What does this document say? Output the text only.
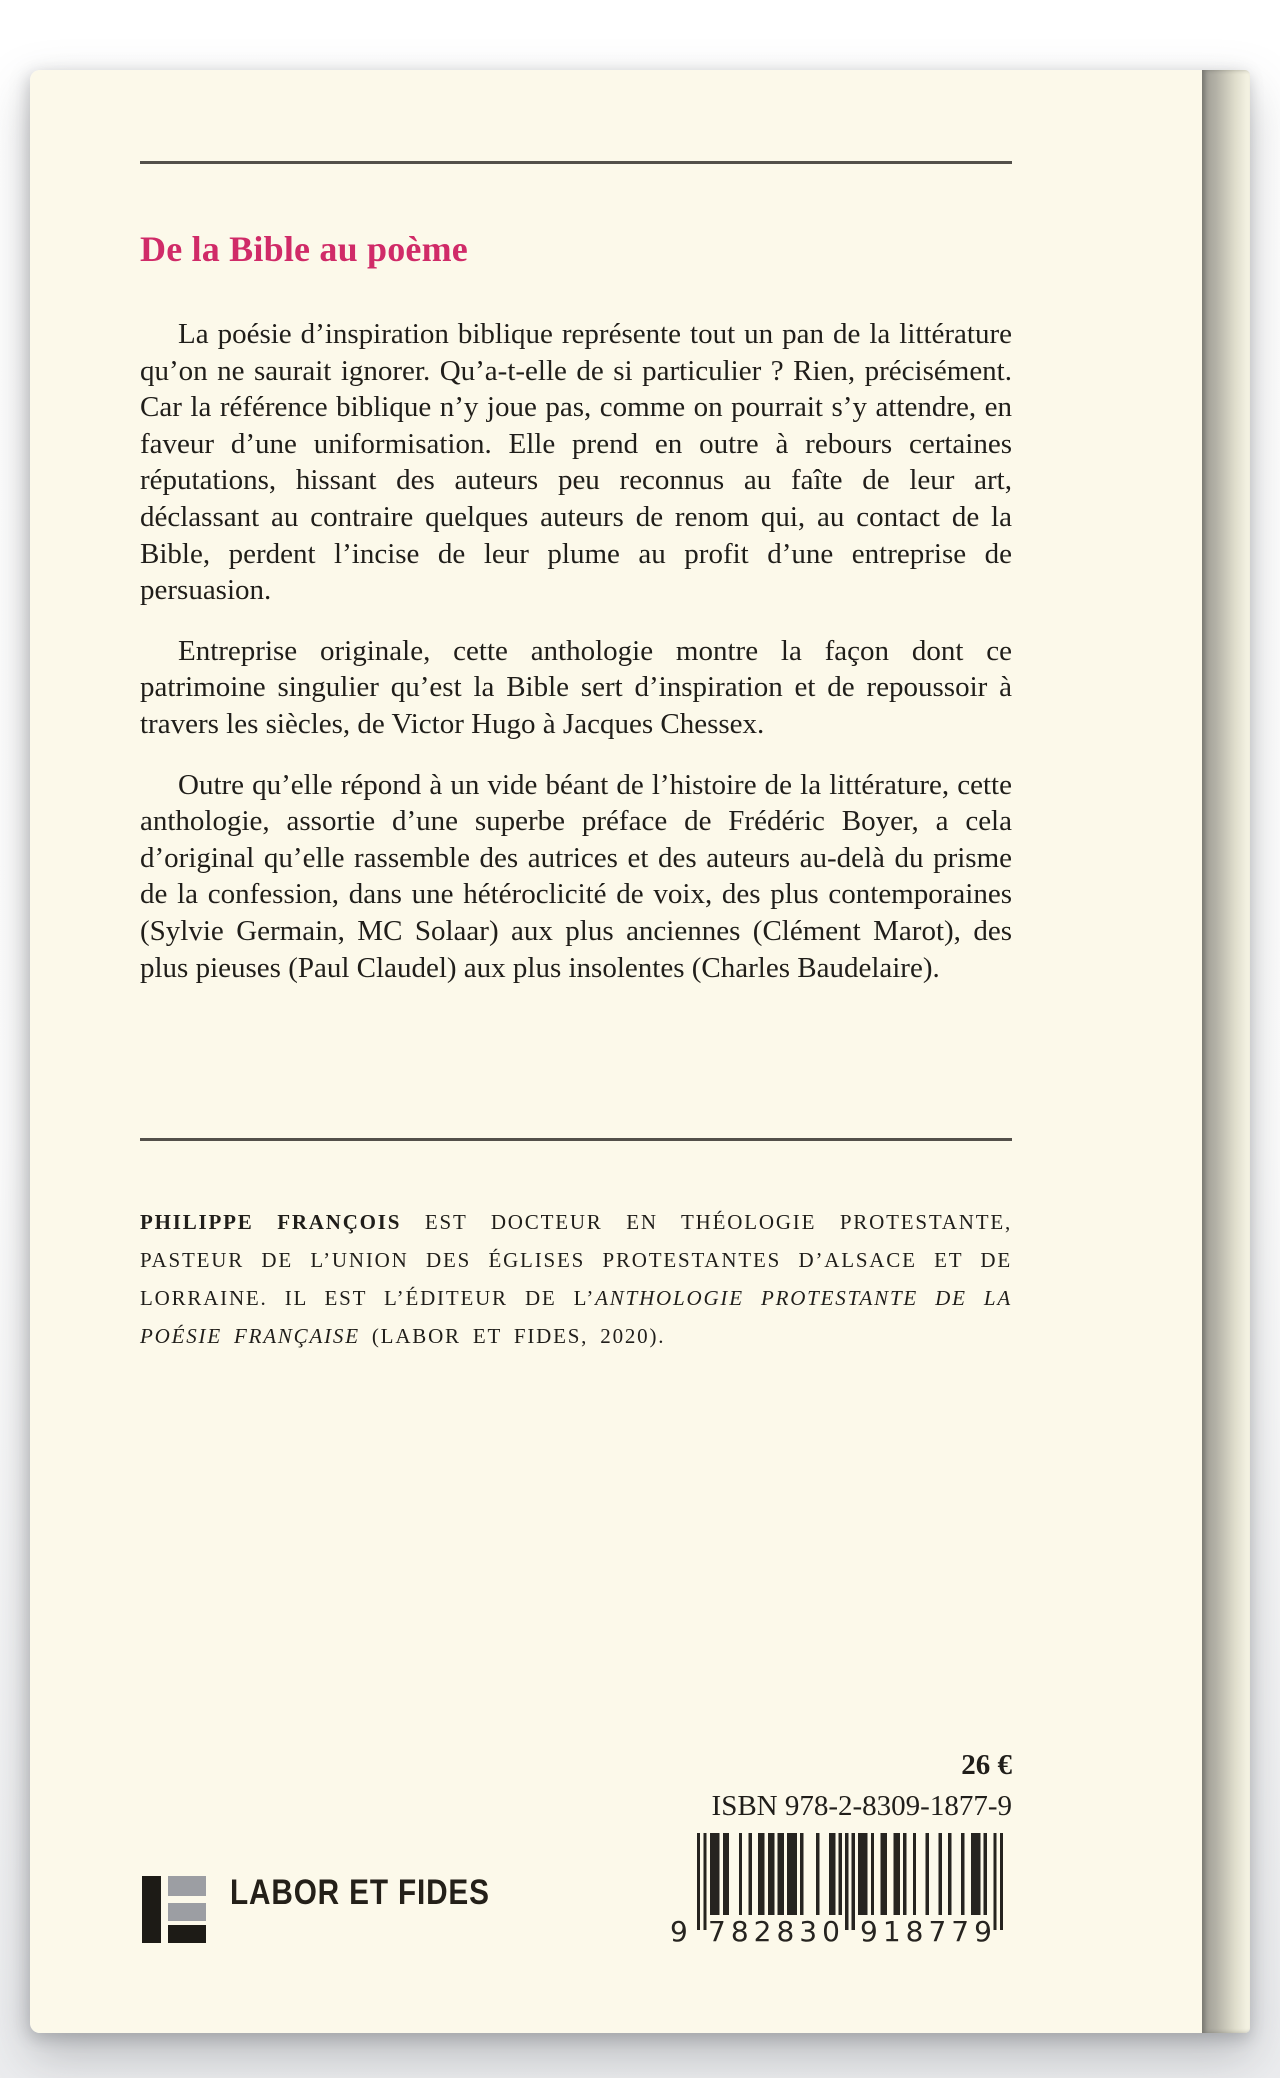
De la Bible au poème

La poésie d’inspiration biblique représente tout un pan de la littérature qu’on ne saurait ignorer. Qu’a-t-elle de si particulier ? Rien, précisément. Car la référence biblique n’y joue pas, comme on pourrait s’y attendre, en faveur d’une uniformisation. Elle prend en outre à rebours certaines réputations, hissant des auteurs peu reconnus au faîte de leur art, déclassant au contraire quelques auteurs de renom qui, au contact de la Bible, perdent l’incise de leur plume au profit d’une entreprise de persuasion.

Entreprise originale, cette anthologie montre la façon dont ce patrimoine singulier qu’est la Bible sert d’inspiration et de repoussoir à travers les siècles, de Victor Hugo à Jacques Chessex.

Outre qu’elle répond à un vide béant de l’histoire de la littérature, cette anthologie, assortie d’une superbe préface de Frédéric Boyer, a cela d’original qu’elle rassemble des autrices et des auteurs au-delà du prisme de la confession, dans une hétéroclicité de voix, des plus contemporaines (Sylvie Germain, MC Solaar) aux plus anciennes (Clément Marot), des plus pieuses (Paul Claudel) aux plus insolentes (Charles Baudelaire).

PHILIPPE FRANÇOIS EST DOCTEUR EN THÉOLOGIE PROTESTANTE, PASTEUR DE L’UNION DES ÉGLISES PROTESTANTES D’ALSACE ET DE LORRAINE. IL EST L’ÉDITEUR DE L’ANTHOLOGIE PROTESTANTE DE LA POÉSIE FRANÇAISE (LABOR ET FIDES, 2020).

26 €
ISBN 978-2-8309-1877-9
9 782830 918779
LABOR ET FIDES
